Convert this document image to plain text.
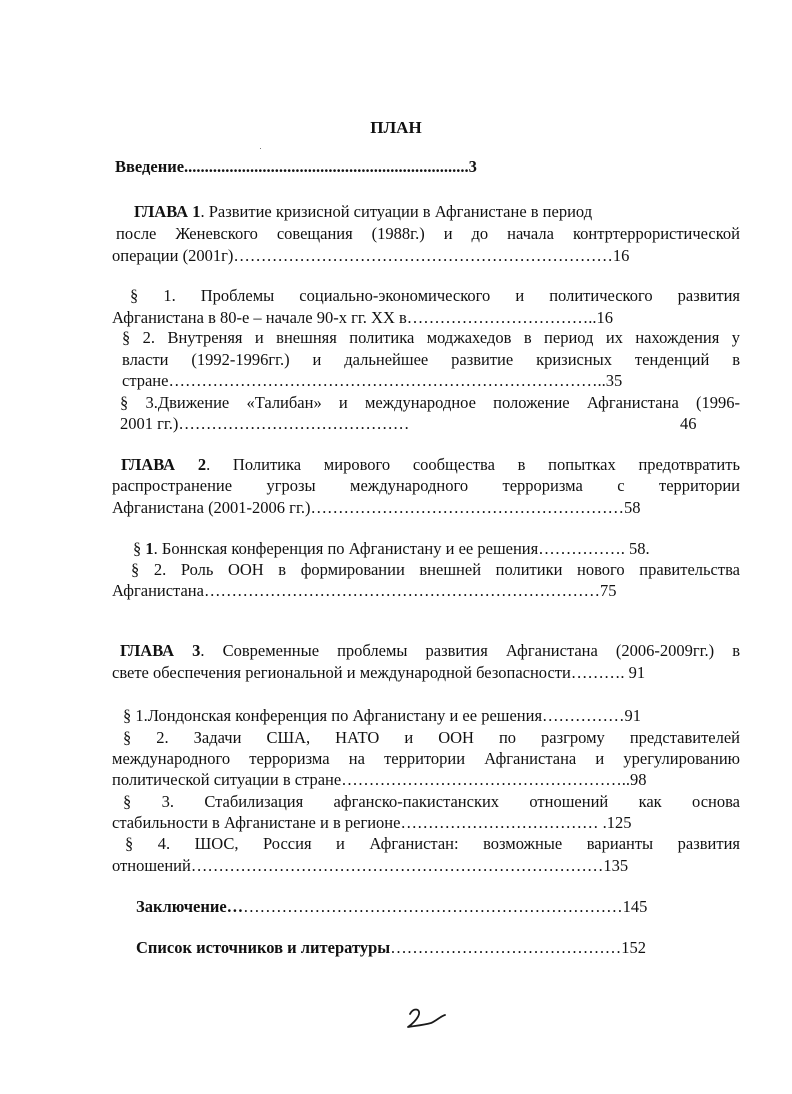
ПЛАН
Введение.....................................................................3
ГЛАВА 1. Развитие кризисной ситуации в Афганистане в период
после Женевского совещания (1988г.) и до начала контртеррористической
операции (2001г)……………………………………………………………16
§ 1. Проблемы социально-экономического и политического развития
Афганистана в 80-е – начале 90-х гг. XX в……………………………..16
§ 2. Внутреняя и внешняя политика моджахедов в период их нахождения у
власти (1992-1996гг.) и дальнейшее развитие кризисных тенденций в
стране……………………………………………………………………..35
§ 3.Движение «Талибан» и международное положение Афганистана (1996-
2001 гг.)……………………………………	46
ГЛАВА 2. Политика мирового сообщества в попытках предотвратить
распространение угрозы международного терроризма с территории
Афганистана (2001-2006 гг.)…………………………………………………58
§ 1. Боннская конференция по Афганистану и ее решения……………. 58.
§ 2. Роль ООН в формировании внешней политики нового правительства
Афганистана………………………………………………………………75
ГЛАВА 3. Современные проблемы развития Афганистана (2006-2009гг.) в
свете обеспечения региональной и международной безопасности………. 91
§ 1.Лондонская конференция по Афганистану и ее решения……………91
§ 2. Задачи США, НАТО и ООН по разгрому представителей
международного терроризма на территории Афганистана и урегулированию
политической ситуации в стране……………………………………………..98
§ 3. Стабилизация афганско-пакистанских отношений как основа
стабильности в Афганистане и в регионе……………………………… .125
§ 4. ШОС, Россия и Афганистан: возможные варианты развития
отношений…………………………………………………………………135
Заключение………………………………………………………………145
Список источников и литературы……………………………………152
